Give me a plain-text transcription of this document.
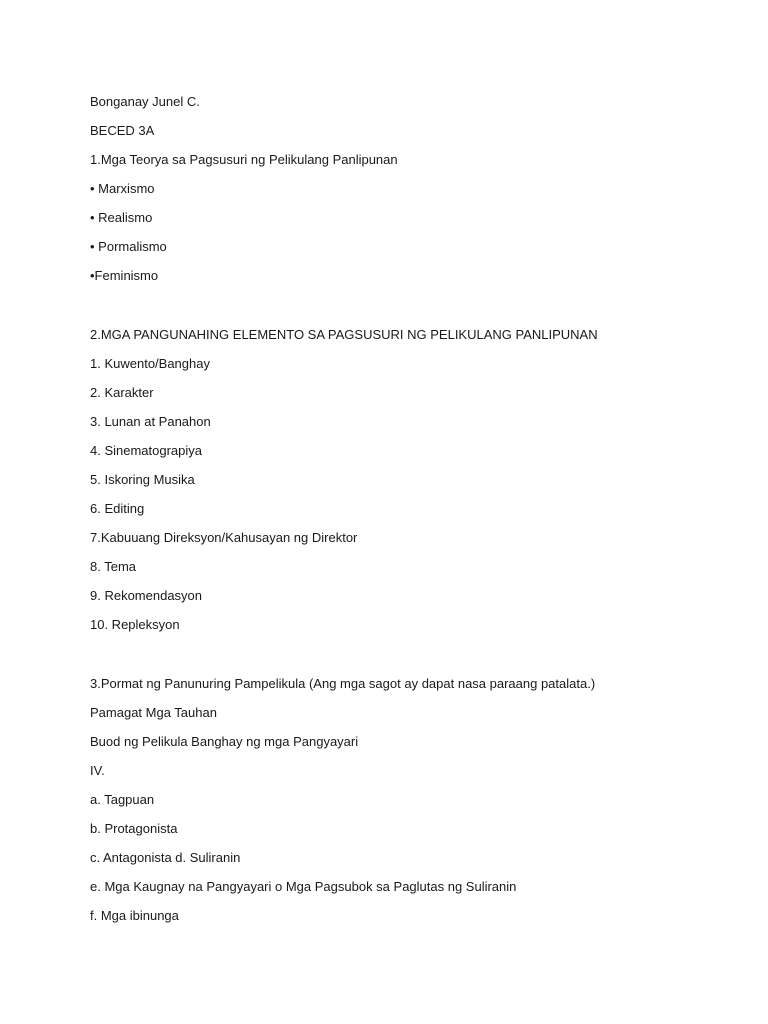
Bonganay Junel C.

BECED 3A

1.Mga Teorya sa Pagsusuri ng Pelikulang Panlipunan

• Marxismo

• Realismo

• Pormalismo

•Feminismo

2.MGA PANGUNAHING ELEMENTO SA PAGSUSURI NG PELIKULANG PANLIPUNAN

1. Kuwento/Banghay

2. Karakter

3. Lunan at Panahon

4. Sinematograpiya

5. Iskoring Musika

6. Editing

7.Kabuuang Direksyon/Kahusayan ng Direktor

8. Tema

9. Rekomendasyon

10. Repleksyon

3.Pormat ng Panunuring Pampelikula (Ang mga sagot ay dapat nasa paraang patalata.)

Pamagat Mga Tauhan

Buod ng Pelikula Banghay ng mga Pangyayari

IV.

a. Tagpuan

b. Protagonista

c. Antagonista d. Suliranin

e. Mga Kaugnay na Pangyayari o Mga Pagsubok sa Paglutas ng Suliranin

f. Mga ibinunga
